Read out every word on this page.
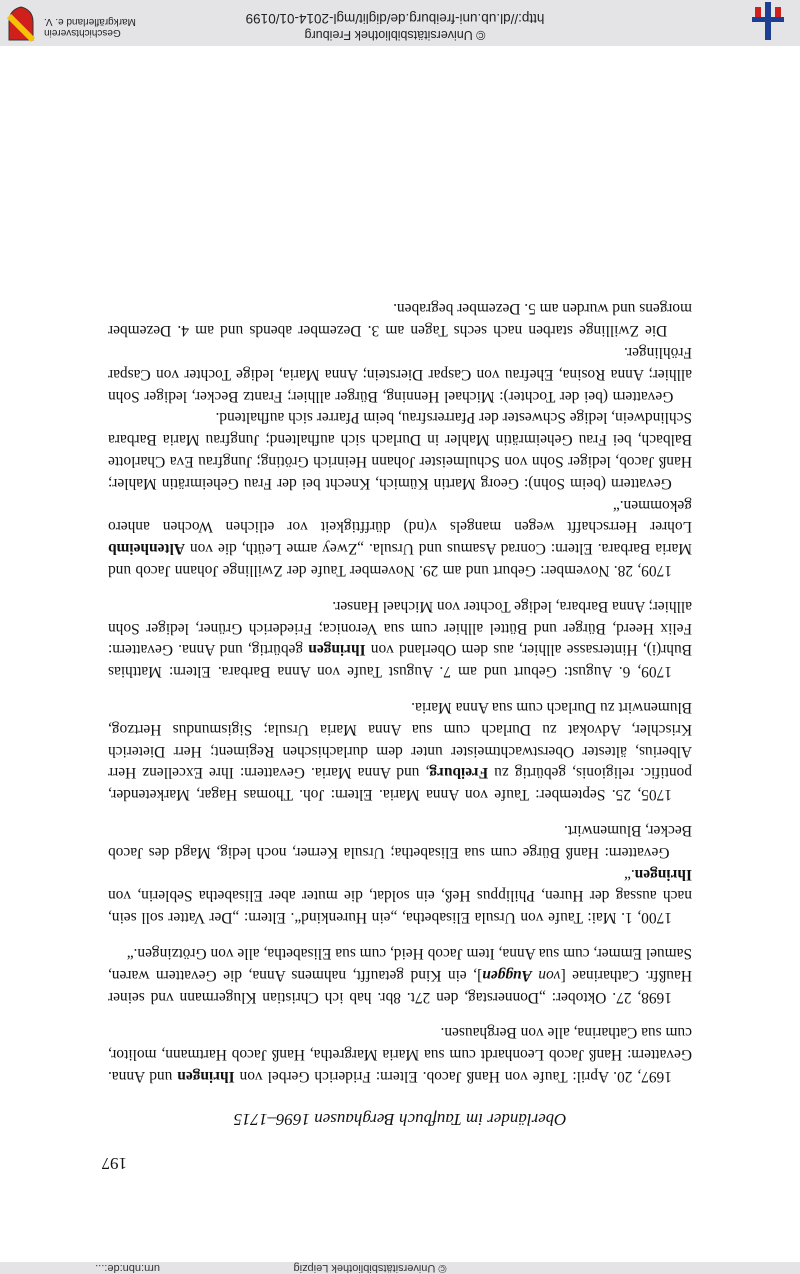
Oberländer im Taufbuch Berghausen 1696–1715

1697, 20. April: Taufe von Hanß Jacob. Eltern: Friderich Gerbel von Ihringen und Anna. Gevattern: Hanß Jacob Leonhardt cum sua Maria Margretha, Hanß Jacob Hartmann, molitor, cum sua Catharina, alle von Berghausen.

1698, 27. Oktober: „Donnerstag, den 27t. 8br. hab ich Christian Klugermann vnd seiner Haußfr. Catharinae [von Auggen], ein Kind getaufft, nahmens Anna, die Gevattern waren, Samuel Emmer, cum sua Anna, Item Jacob Heid, cum sua Elisabetha, alle von Grötzingen.“

1700, 1. Mai: Taufe von Ursula Elisabetha, „ein Hurenkind“. Eltern: „Der Vatter soll sein, nach aussag der Huren, Philippus Heß, ein soldat, die muter aber Elisabetha Seblerin, von Ihringen.“

Gevattern: Hanß Bürge cum sua Elisabetha; Ursula Kerner, noch ledig, Magd des Jacob Becker, Blumenwirt.

1705, 25. September: Taufe von Anna Maria. Eltern: Joh. Thomas Hagar, Marketender, pontific. religionis, gebürtig zu Freiburg, und Anna Maria. Gevattern: Ihre Excellenz Herr Alberius, ältester Oberstwachtmeister unter dem durlachischen Regiment; Herr Dieterich Krischler, Advokat zu Durlach cum sua Anna Maria Ursula; Sigismundus Hertzog, Blumenwirt zu Durlach cum sua Anna Maria.

1709, 6. August: Geburt und am 7. August Taufe von Anna Barbara. Eltern: Matthias Buhr(i), Hintersasse allhier, aus dem Oberland von Ihringen gebürtig, und Anna. Gevattern: Felix Heerd, Bürger und Büttel allhier cum sua Veronica; Friederich Grüner, lediger Sohn allhier; Anna Barbara, ledige Tochter von Michael Hanser.

1709, 28. November: Geburt und am 29. November Taufe der Zwillinge Johann Jacob und Maria Barbara. Eltern: Conrad Asamus und Ursula. „Zwey arme Leüth, die von Altenheimb Lohrer Herrschafft wegen mangels v(nd) dürfftigkeit vor etlichen Wochen anhero gekommen.“

Gevattern (beim Sohn): Georg Martin Kümich, Knecht bei der Frau Geheimrätin Mahler; Hanß Jacob, lediger Sohn von Schulmeister Johann Heinrich Gröting; Jungfrau Eva Charlotte Balbach, bei Frau Geheimrätin Mahler in Durlach sich aufhaltend; Jungfrau Maria Barbara Schlindwein, ledige Schwester der Pfarrersfrau, beim Pfarrer sich aufhaltend.

Gevattern (bei der Tochter): Michael Henning, Bürger allhier; Frantz Becker, lediger Sohn allhier; Anna Rosina, Ehefrau von Caspar Dierstein; Anna Maria, ledige Tochter von Caspar Fröhlinger.

Die Zwillinge starben nach sechs Tagen am 3. Dezember abends und am 4. Dezember morgens und wurden am 5. Dezember begraben.

197
Geschichtsverein
Markgräflerland e. V.
© Universitätsbibliothek Freiburg
http://dl.ub.uni-freiburg.de/diglit/mgl-2014-01/0199
© Universitätsbibliothek Leipzig
urn:nbn:de:...
